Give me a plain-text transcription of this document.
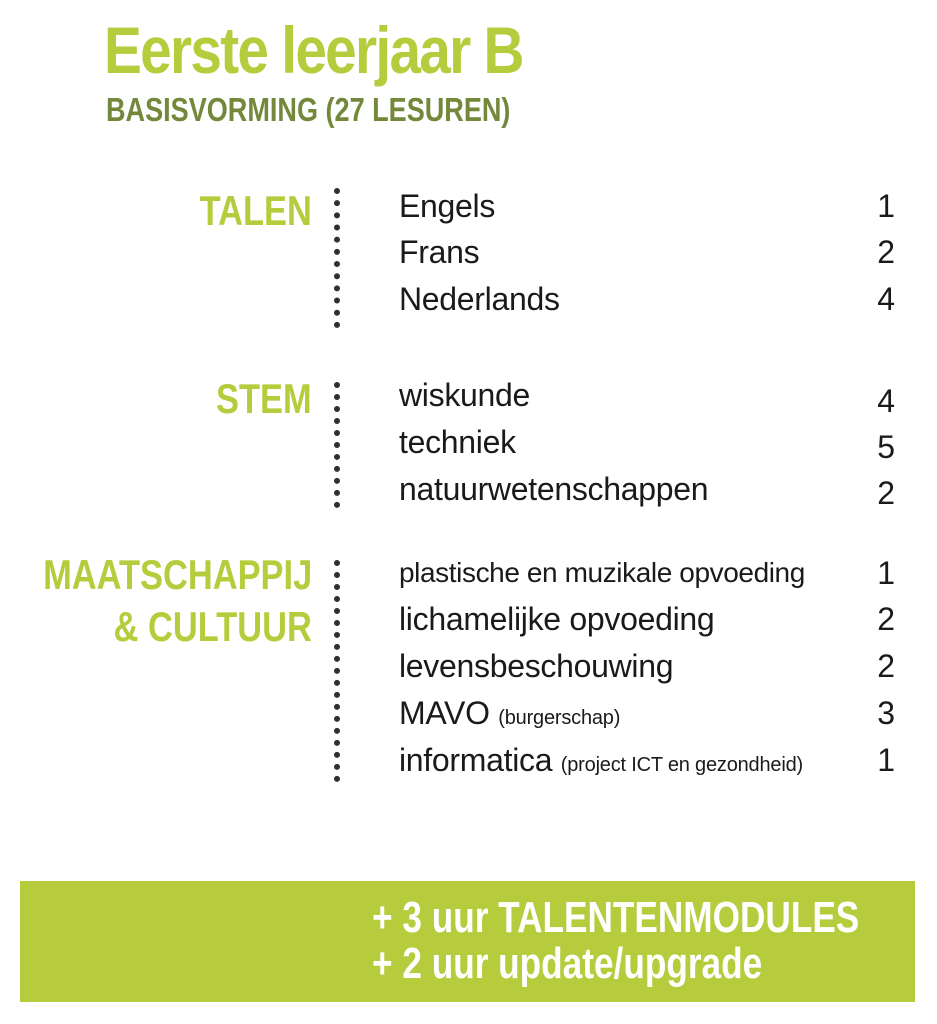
Eerste leerjaar B
BASISVORMING (27 LESUREN)
TALEN	Engels	1
Frans	2
Nederlands	4
STEM	wiskunde	4
techniek	5
natuurwetenschappen	2
MAATSCHAPPIJ
& CULTUUR
plastische en muzikale opvoeding 1
lichamelijke opvoeding	2
levensbeschouwing	2
MAVO (burgerschap)	3
informatica (project ICT en gezondheid) 1
+ 3 uur TALENTENMODULES
+ 2 uur update/upgrade
